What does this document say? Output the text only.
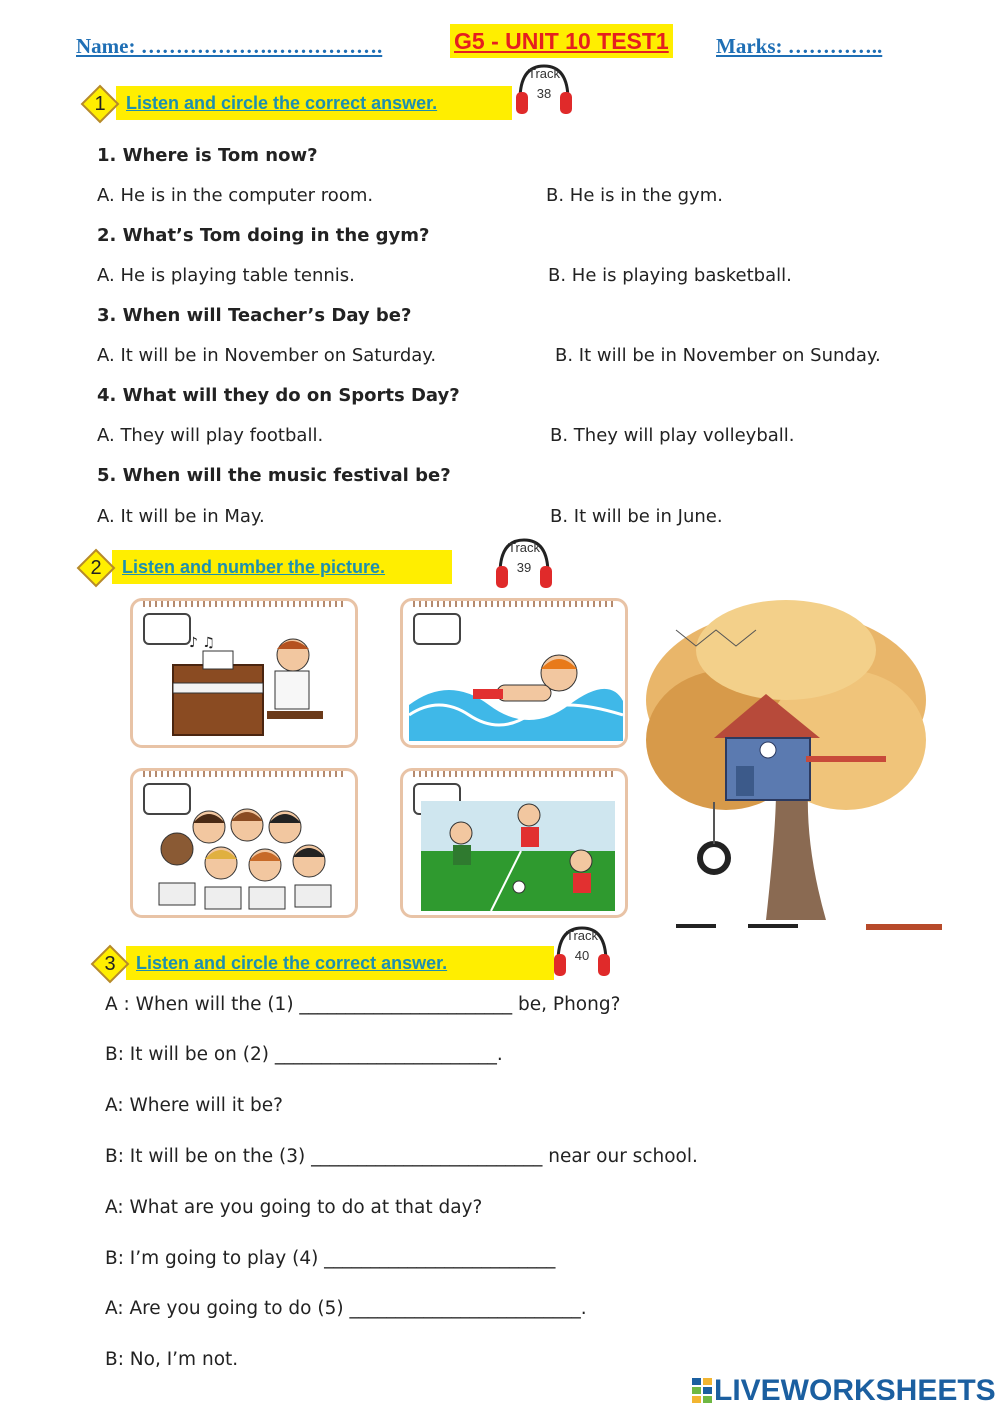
Name: ……………….…………….	G5 - UNIT 10 TEST1 Marks: …………..
Listen and circle the correct answer.
1
Track
38
1. Where is Tom now?
A. He is in the computer room.	B. He is in the gym.
2. What’s Tom doing in the gym?
A. He is playing table tennis.	B. He is playing basketball.
3. When will Teacher’s Day be?
A. It will be in November on Saturday.	B. It will be in November on Sunday.
4. What will they do on Sports Day?
A. They will play football.	B. They will play volleyball.
5. When will the music festival be?
A. It will be in May.	B. It will be in June.
Listen and number the picture.
2
Track
39
♪ ♫
Listen and circle the correct answer.
3
Track
40
A : When will the (1) _______________________ be, Phong?
B: It will be on (2) ________________________.
A: Where will it be?
B: It will be on the (3) _________________________ near our school.
A: What are you going to do at that day?
B: I’m going to play (4) _________________________
A: Are you going to do (5) _________________________.
B: No, I’m not.
LIVEWORKSHEETS
